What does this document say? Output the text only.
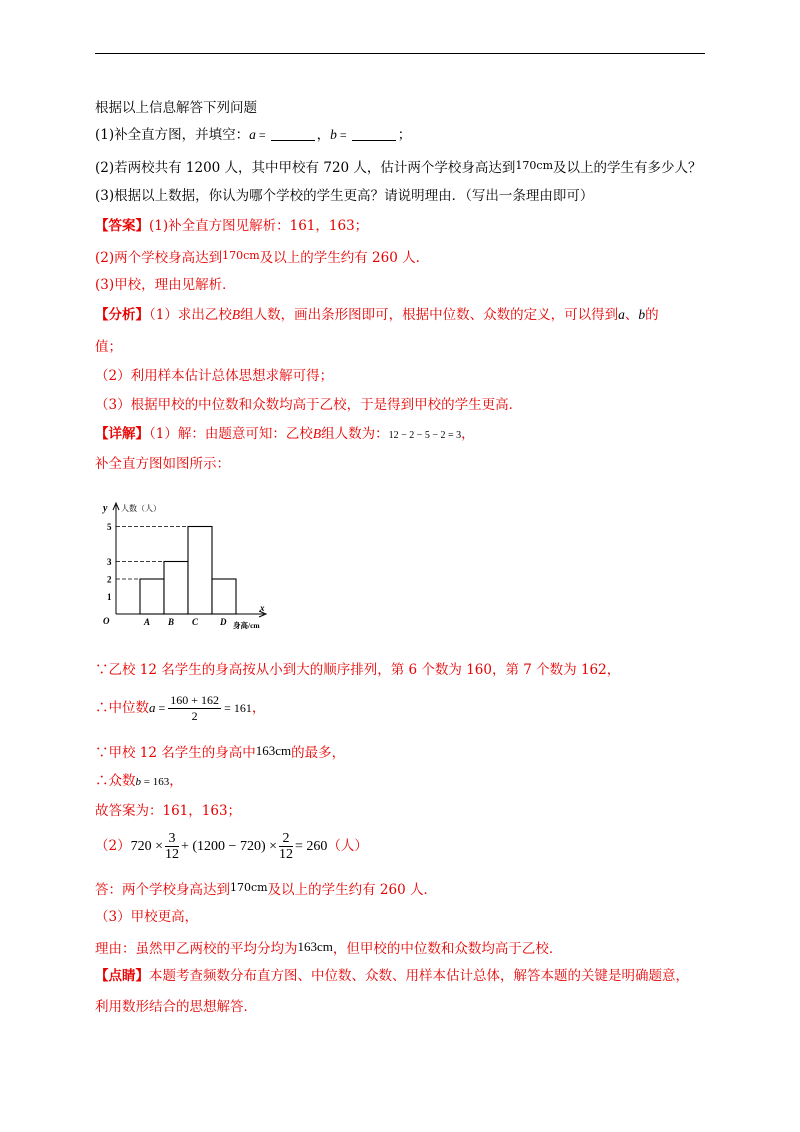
根据以上信息解答下列问题
(1)补全直方图，并填空：a =	，b =	；
(2)若两校共有 1200 人，其中甲校有 720 人，估计两个学校身高达到$^{170cm}$及以上的学生有多少人？
(3)根据以上数据，你认为哪个学校的学生更高？请说明理由．（写出一条理由即可）
【答案】(1)补全直方图见解析：161，163；
(2)两个学校身高达到$^{170cm}$及以上的学生约有 260 人．
(3)甲校，理由见解析．
【分析】（1）求出乙校B组人数，画出条形图即可，根据中位数、众数的定义，可以得到a、b的
值；
（2）利用样本估计总体思想求解可得；
（3）根据甲校的中位数和众数均高于乙校，于是得到甲校的学生更高．
【详解】（1）解：由题意可知：乙校B组人数为：12 − 2 − 5 − 2 = 3，
补全直方图如图所示：
y 人数（人）
x
身高/cm
O
1
2
3
5
A B C D
∵乙校 12 名学生的身高按从小到大的顺序排列，第 6 个数为 160，第 7 个数为 162，
∴中位数$a = \frac{160 + 162}{2} = 161$，
∵甲校 12 名学生的身高中163cm的最多，
∴众数b = 163，
故答案为：161，163；
$(2)720 \times \frac{3}{12} + (1200 - 720) \times \frac{2}{12} = 260$（人）
答：两个学校身高达到$^{170cm}$及以上的学生约有 260 人．
（3）甲校更高，
理由：虽然甲乙两校的平均分均为163cm，但甲校的中位数和众数均高于乙校．
【点睛】本题考查频数分布直方图、中位数、众数、用样本估计总体，解答本题的关键是明确题意，
利用数形结合的思想解答．
